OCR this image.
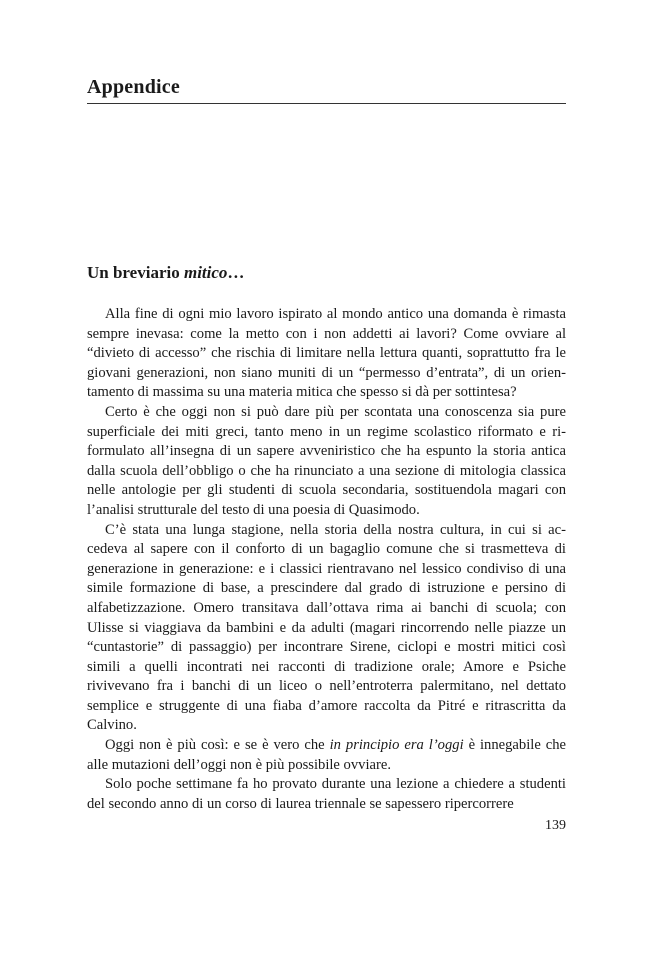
Appendice
Un breviario mitico…

Alla fine di ogni mio lavoro ispirato al mondo antico una domanda è rimasta sempre inevasa: come la metto con i non addetti ai lavori? Come ovviare al “divieto di accesso” che rischia di limitare nella lettura quanti, soprattutto fra le giovani generazioni, non siano muniti di un “permesso d’entrata”, di un orientamento di massima su una materia mitica che spesso si dà per sottintesa?

Certo è che oggi non si può dare più per scontata una conoscenza sia pure superficiale dei miti greci, tanto meno in un regime scolastico riformato e riformulato all’insegna di un sapere avveniristico che ha espunto la storia antica dalla scuola dell’obbligo o che ha rinunciato a una sezione di mitologia classica nelle antologie per gli studenti di scuola secondaria, sostituendola magari con l’analisi strutturale del testo di una poesia di Quasimodo.

C’è stata una lunga stagione, nella storia della nostra cultura, in cui si accedeva al sapere con il conforto di un bagaglio comune che si trasmetteva di generazione in generazione: e i classici rientravano nel lessico condiviso di una simile formazione di base, a prescindere dal grado di istruzione e persino di alfabetizzazione. Omero transitava dall’ottava rima ai banchi di scuola; con Ulisse si viaggiava da bambini e da adulti (magari rincorrendo nelle piazze un “cuntastorie” di passaggio) per incontrare Sirene, ciclopi e mostri mitici così simili a quelli incontrati nei racconti di tradizione orale; Amore e Psiche rivivevano fra i banchi di un liceo o nell’entroterra palermitano, nel dettato semplice e struggente di una fiaba d’amore raccolta da Pitré e ritrascritta da Calvino.

Oggi non è più così: e se è vero che in principio era l’oggi è innegabile che alle mutazioni dell’oggi non è più possibile ovviare.

Solo poche settimane fa ho provato durante una lezione a chiedere a studenti del secondo anno di un corso di laurea triennale se sapessero ripercorrere

139
